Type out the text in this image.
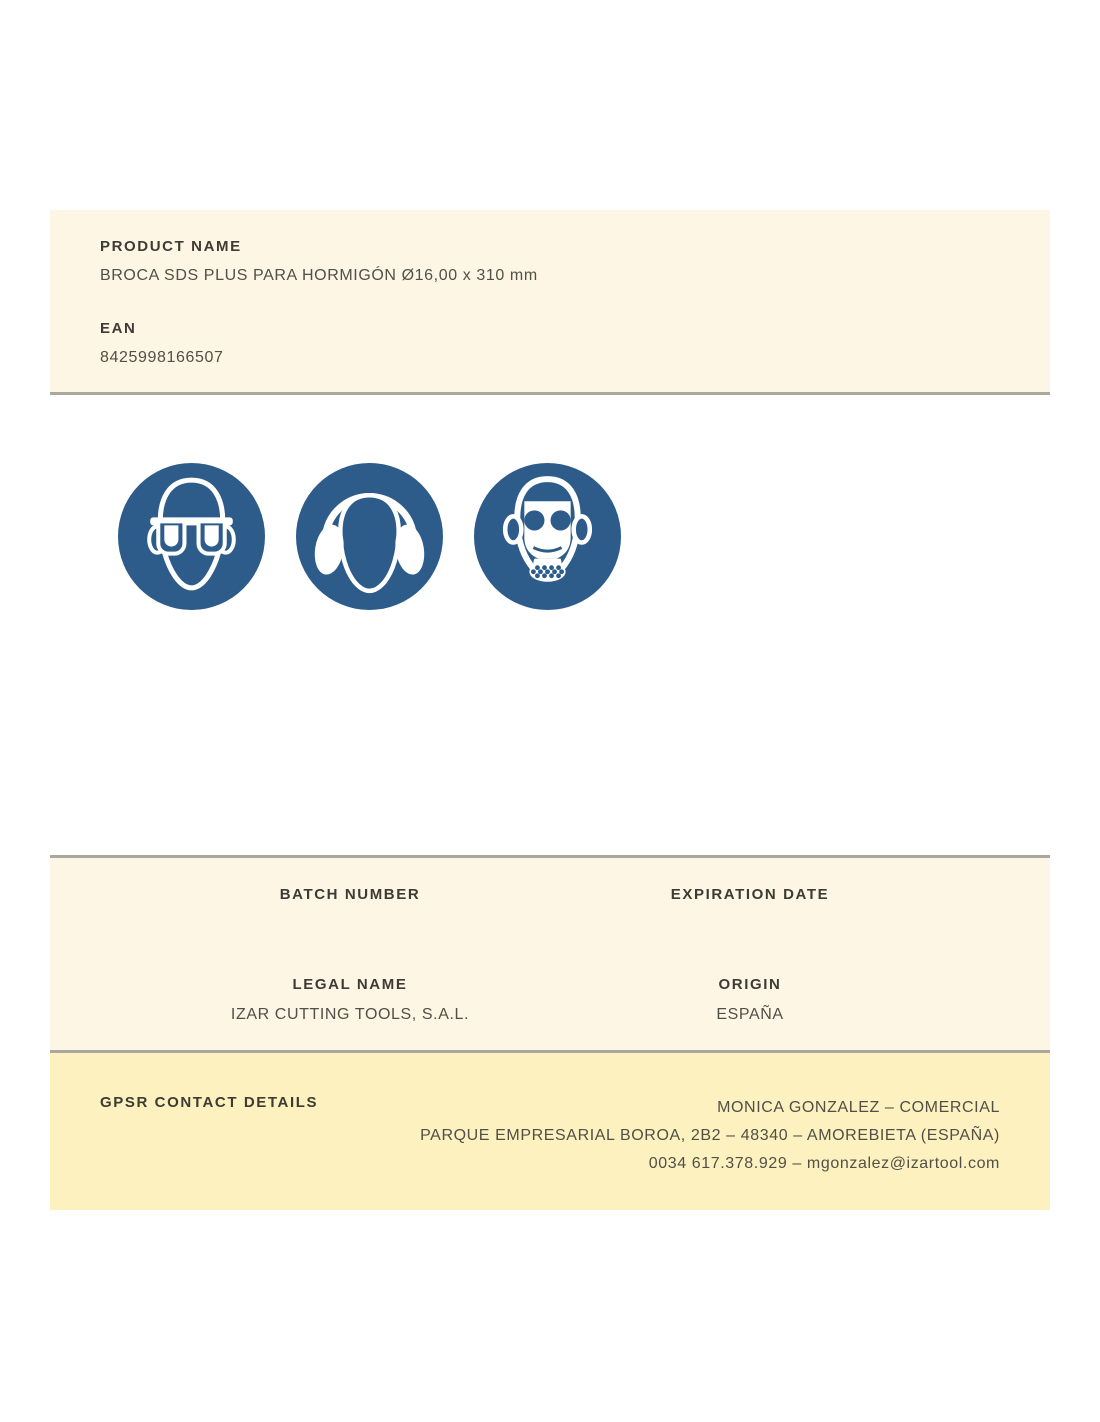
PRODUCT NAME
BROCA SDS PLUS PARA HORMIGÓN Ø16,00 x 310 mm
EAN
8425998166507
BATCH NUMBER	EXPIRATION DATE
LEGAL NAME
IZAR CUTTING TOOLS, S.A.L.
ORIGIN
ESPAÑA
GPSR CONTACT DETAILS	MONICA GONZALEZ – COMERCIAL
PARQUE EMPRESARIAL BOROA, 2B2 – 48340 – AMOREBIETA (ESPAÑA)
0034 617.378.929 – mgonzalez@izartool.com
